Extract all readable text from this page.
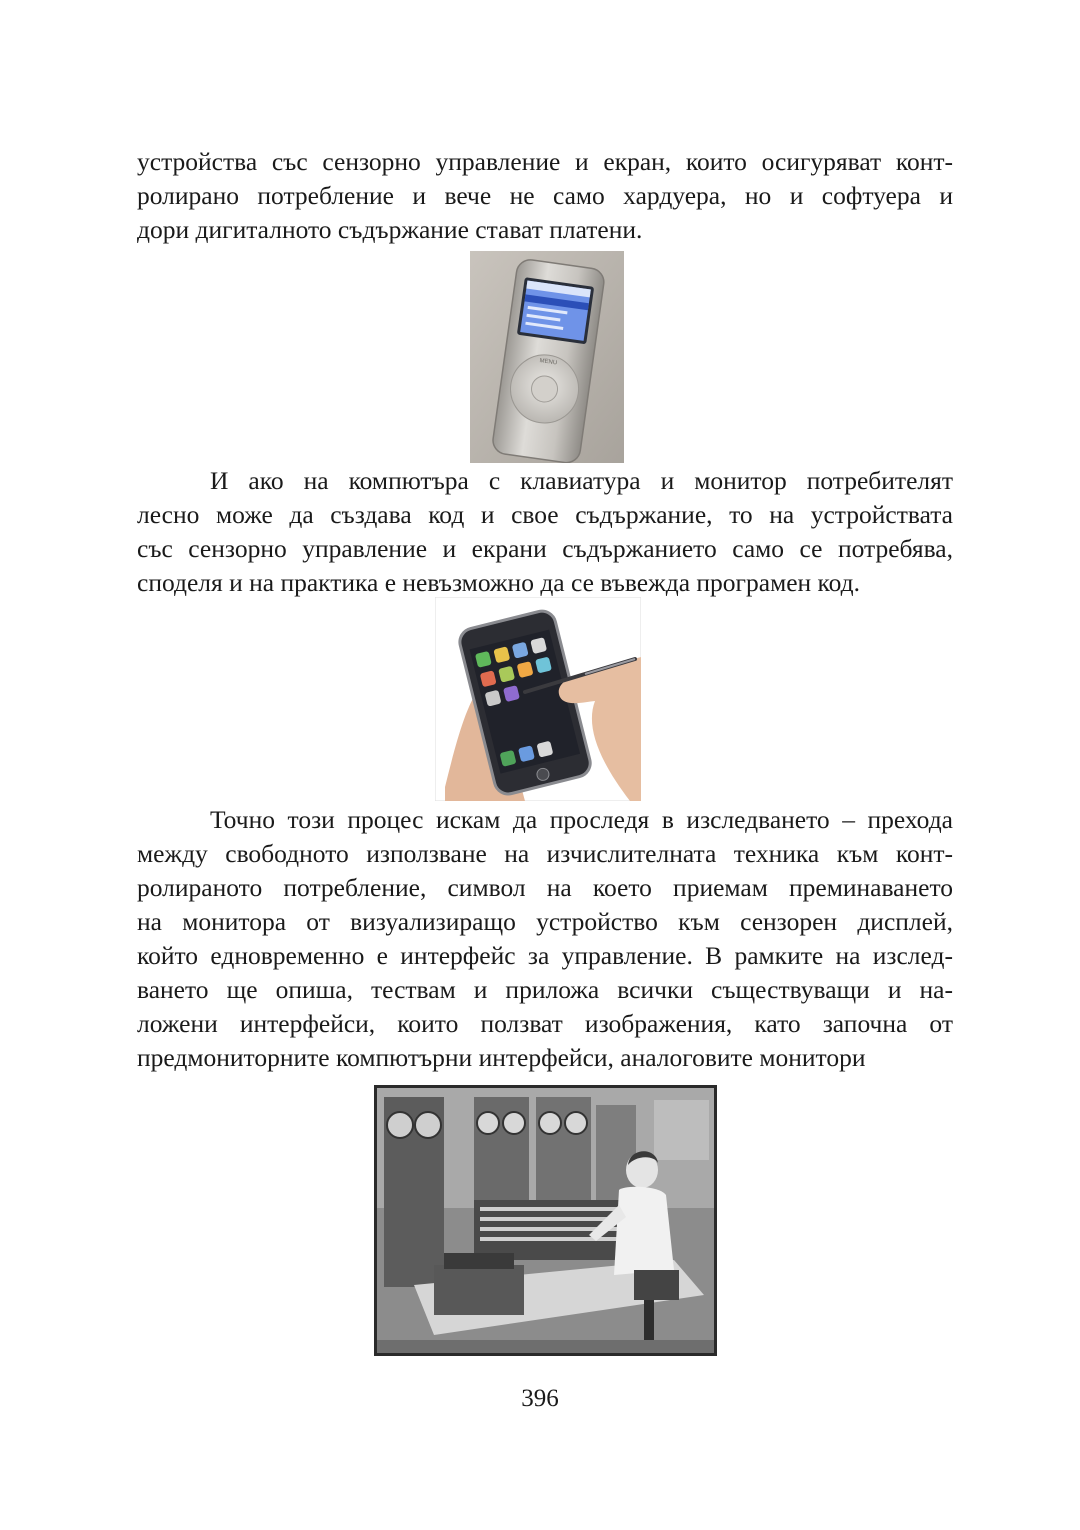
устройства със сензорно управление и екран, които осигуряват конт-
ролирано потребление и вече не само хардуера, но и софтуера и
дори дигиталното съдържание стават платени.
MENU
И ако на компютъра с клавиатура и монитор потребителят
лесно може да създава код и свое съдържание, то на устройствата
със сензорно управление и екрани съдържанието само се потребява,
споделя и на практика е невъзможно да се въвежда програмен код.
Точно този процес искам да проследя в изследването – прехода
между свободното използване на изчислителната техника към конт-
ролираното потребление, символ на което приемам преминаването
на монитора от визуализиращо устройство към сензорен дисплей,
който едновременно е интерфейс за управление. В рамките на изслед-
ването ще опиша, тествам и приложа всички съществуващи и на-
ложени интерфейси, които ползват изображения, като започна от
предмониторните компютърни интерфейси, аналоговите монитори
396
